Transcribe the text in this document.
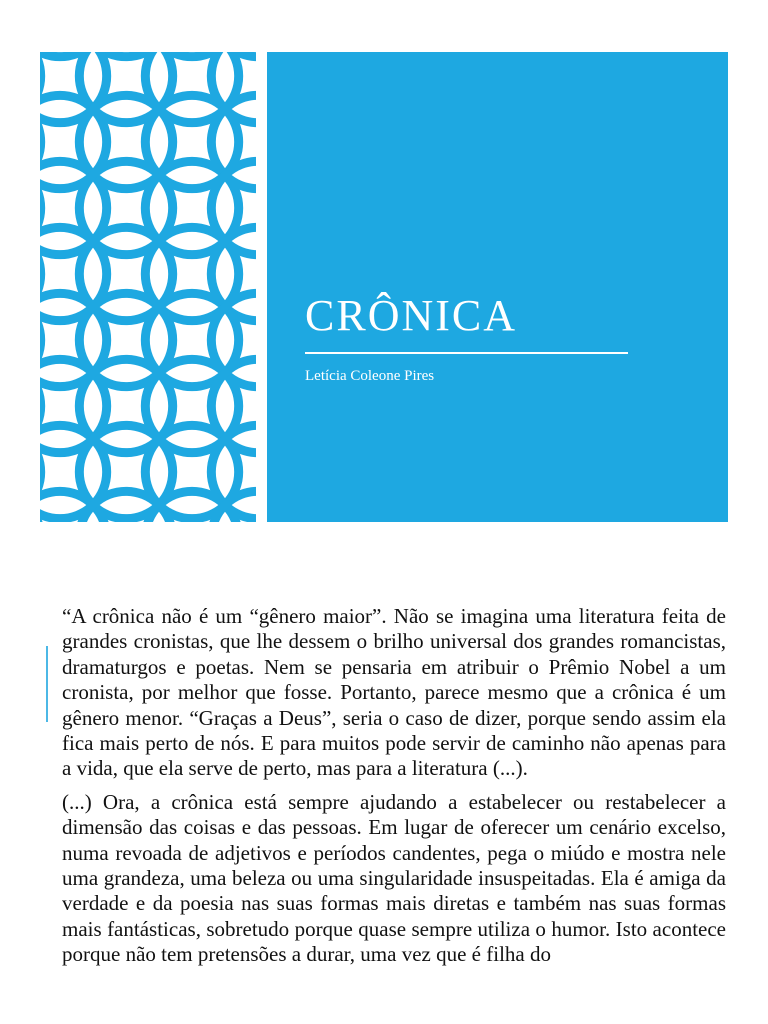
CRÔNICA
Letícia Coleone Pires

“A crônica não é um “gênero maior”. Não se imagina uma literatura feita de grandes cronistas, que lhe dessem o brilho universal dos grandes romancistas, dramaturgos e poetas. Nem se pensaria em atribuir o Prêmio Nobel a um cronista, por melhor que fosse. Portanto, parece mesmo que a crônica é um gênero menor. “Graças a Deus”, seria o caso de dizer, porque sendo assim ela fica mais perto de nós. E para muitos pode servir de caminho não apenas para a vida, que ela serve de perto, mas para a literatura (...).

(...) Ora, a crônica está sempre ajudando a estabelecer ou restabelecer a dimensão das coisas e das pessoas. Em lugar de oferecer um cenário excelso, numa revoada de adjetivos e períodos candentes, pega o miúdo e mostra nele uma grandeza, uma beleza ou uma singularidade insuspeitadas. Ela é amiga da verdade e da poesia nas suas formas mais diretas e também nas suas formas mais fantásticas, sobretudo porque quase sempre utiliza o humor. Isto acontece porque não tem pretensões a durar, uma vez que é filha do
